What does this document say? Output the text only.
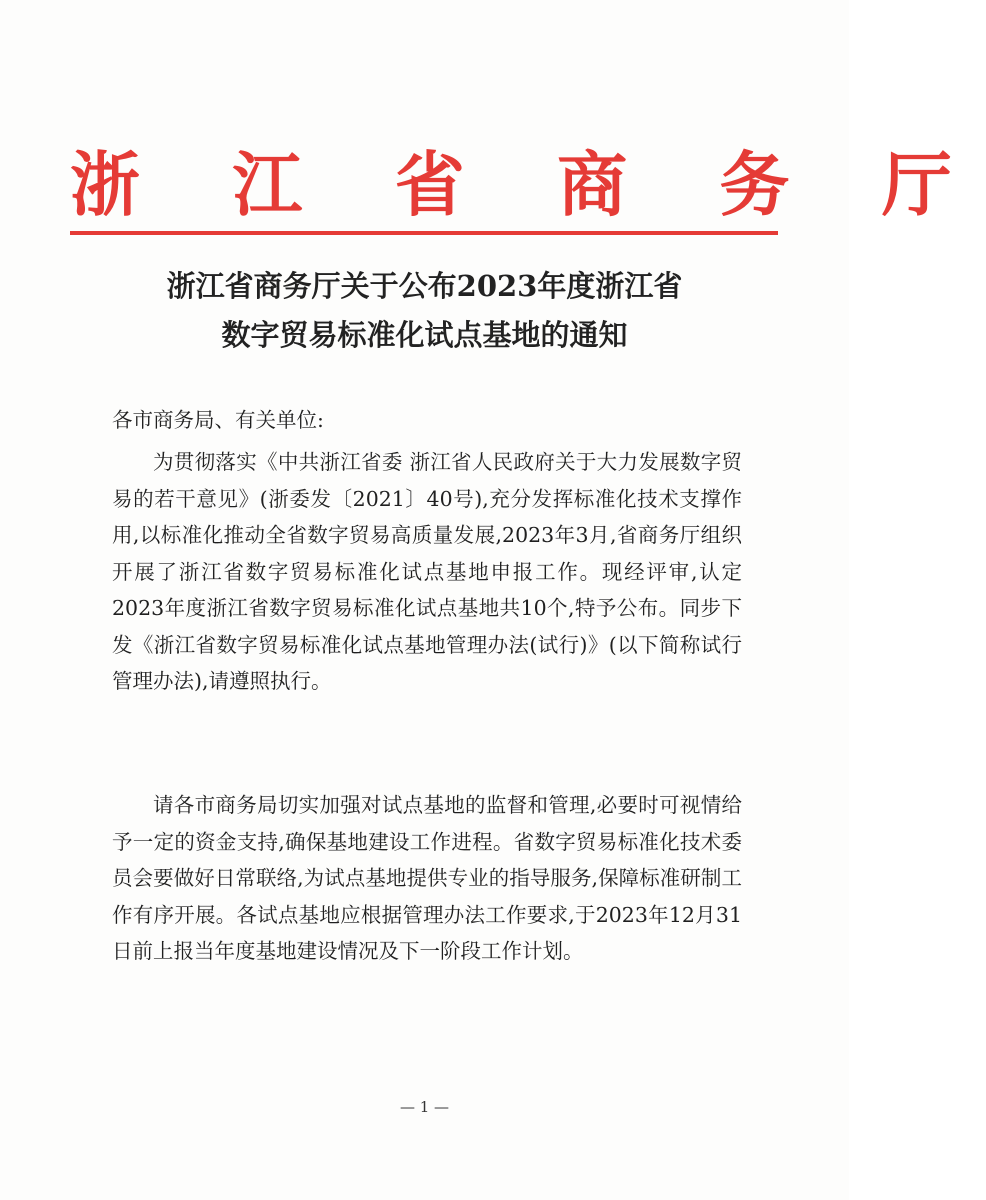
浙 江 省 商 务 厅
浙江省商务厅关于公布2023年度浙江省
数字贸易标准化试点基地的通知
各市商务局、有关单位:
为贯彻落实《中共浙江省委 浙江省人民政府关于大力发展数字贸易的若干意见》(浙委发〔2021〕40号),充分发挥标准化技术支撑作用,以标准化推动全省数字贸易高质量发展,2023年3月,省商务厅组织开展了浙江省数字贸易标准化试点基地申报工作。现经评审,认定2023年度浙江省数字贸易标准化试点基地共10个,特予公布。同步下发《浙江省数字贸易标准化试点基地管理办法(试行)》(以下简称试行管理办法),请遵照执行。
请各市商务局切实加强对试点基地的监督和管理,必要时可视情给予一定的资金支持,确保基地建设工作进程。省数字贸易标准化技术委员会要做好日常联络,为试点基地提供专业的指导服务,保障标准研制工作有序开展。各试点基地应根据管理办法工作要求,于2023年12月31日前上报当年度基地建设情况及下一阶段工作计划。
— 1 —
